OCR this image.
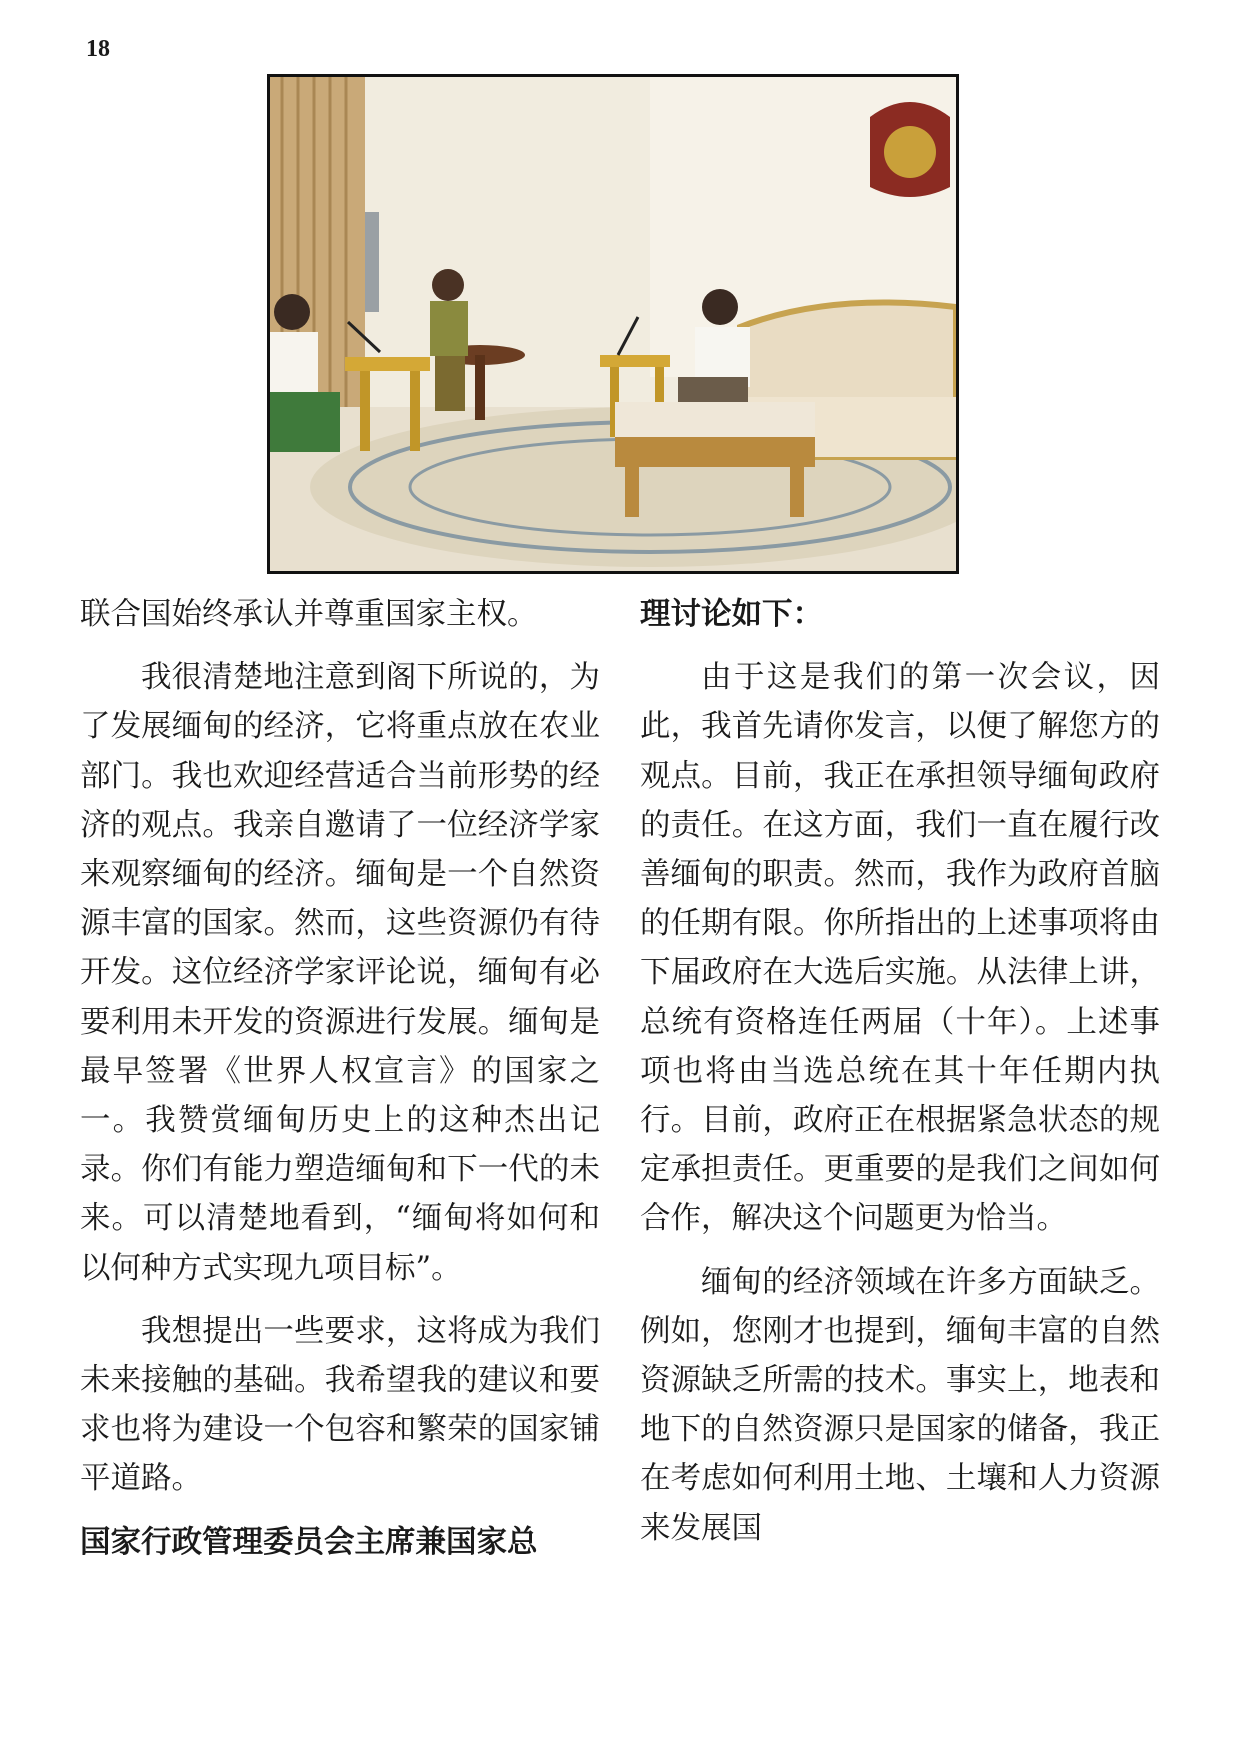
18

联合国始终承认并尊重国家主权。

我很清楚地注意到阁下所说的，为了发展缅甸的经济，它将重点放在农业部门。我也欢迎经营适合当前形势的经济的观点。我亲自邀请了一位经济学家来观察缅甸的经济。缅甸是一个自然资源丰富的国家。然而，这些资源仍有待开发。这位经济学家评论说，缅甸有必要利用未开发的资源进行发展。缅甸是最早签署《世界人权宣言》的国家之一。我赞赏缅甸历史上的这种杰出记录。你们有能力塑造缅甸和下一代的未来。可以清楚地看到，“缅甸将如何和以何种方式实现九项目标”。

我想提出一些要求，这将成为我们未来接触的基础。我希望我的建议和要求也将为建设一个包容和繁荣的国家铺平道路。

国家行政管理委员会主席兼国家总

理讨论如下：

由于这是我们的第一次会议，因此，我首先请你发言，以便了解您方的观点。目前，我正在承担领导缅甸政府的责任。在这方面，我们一直在履行改善缅甸的职责。然而，我作为政府首脑的任期有限。你所指出的上述事项将由下届政府在大选后实施。从法律上讲，总统有资格连任两届（十年）。上述事项也将由当选总统在其十年任期内执行。目前，政府正在根据紧急状态的规定承担责任。更重要的是我们之间如何合作，解决这个问题更为恰当。

缅甸的经济领域在许多方面缺乏。例如，您刚才也提到，缅甸丰富的自然资源缺乏所需的技术。事实上，地表和地下的自然资源只是国家的储备，我正在考虑如何利用土地、土壤和人力资源来发展国
